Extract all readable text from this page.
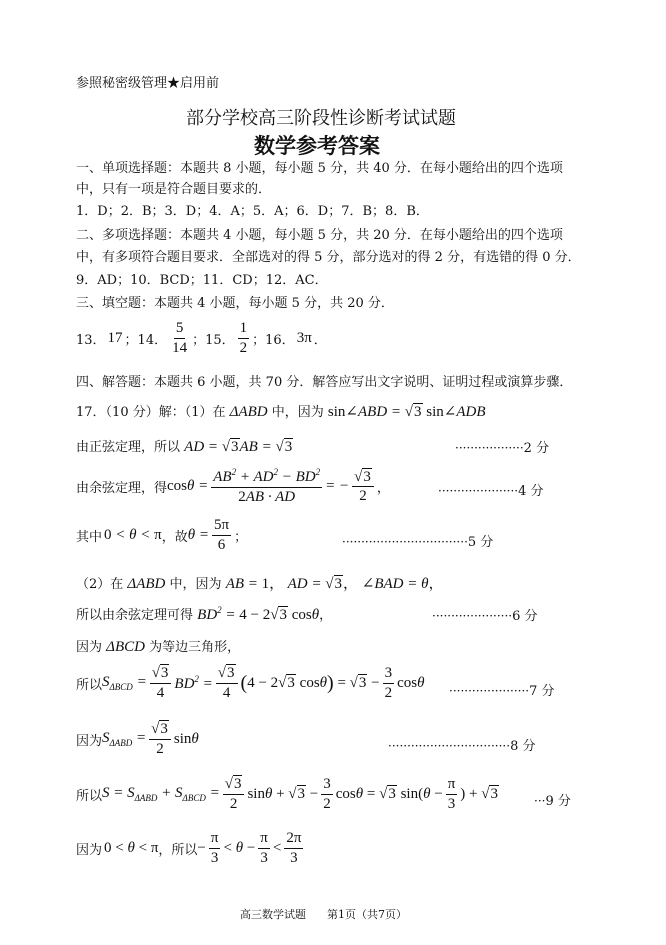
参照秘密级管理★启用前
部分学校高三阶段性诊断考试试题
数学参考答案
一、单项选择题：本题共 8 小题，每小题 5 分，共 40 分．在每小题给出的四个选项
中，只有一项是符合题目要求的．
1．D；2．B；3．D；4．A；5．A；6．D；7．B；8．B．
二、多项选择题：本题共 4 小题，每小题 5 分，共 20 分．在每小题给出的四个选项
中，有多项符合题目要求．全部选对的得 5 分，部分选对的得 2 分，有选错的得 0 分．
9．AD；10．BCD；11．CD；12．AC．
三、填空题：本题共 4 小题，每小题 5 分，共 20 分．
13． 17 ；14． $\frac{5}{14}$ ；15． $\frac{1}{2}$ ；16． 3π ．
四、解答题：本题共 6 小题，共 70 分．解答应写出文字说明、证明过程或演算步骤．
17．（10 分）解：（1）在 ΔABD 中，因为 sin∠ABD = √3 sin∠ADB
由正弦定理，所以 AD = √3AB = √3	··················2 分
由余弦定理，得 $\cos\theta = \frac{AB^2 + AD^2 - BD^2}{2AB \cdot AD}$ = − $\frac{√3}{2}$ ，	·····················4 分
其中 0 < θ < π ，故 $\theta = \frac{5\pi}{6}$ ；	·································5 分
（2）在 ΔABD 中，因为 AB = 1， AD = √3， ∠BAD = θ，
所以由余弦定理可得 $BD^2 = 4 - 2√3$ cosθ，	·····················6 分
因为 ΔBCD 为等边三角形，
所以 $S_{\Delta BCD} = \frac{√3}{4} BD^2 = \frac{√3}{4}$ ( 4 − 2√3 cosθ ) = $√3 - \frac{3}{2}$ cosθ
·····················7 分
因为 $S_{\Delta ABD} = \frac{√3}{2}$ sinθ	································8 分
所以 $S = S_{\Delta ABD} + S_{\Delta BCD} = \frac{√3}{2}$ $\sin\theta + √3 - \frac{3}{2}$ cosθ = √3 $\sin(\theta - \frac{\pi}{3}$ ) + √3	···9 分
因为 0 < θ < π ，所以 − $\frac{\pi}{3} < \theta - \frac{\pi}{3} < \frac{2\pi}{3}$
高三数学试题 第1页（共7页）
